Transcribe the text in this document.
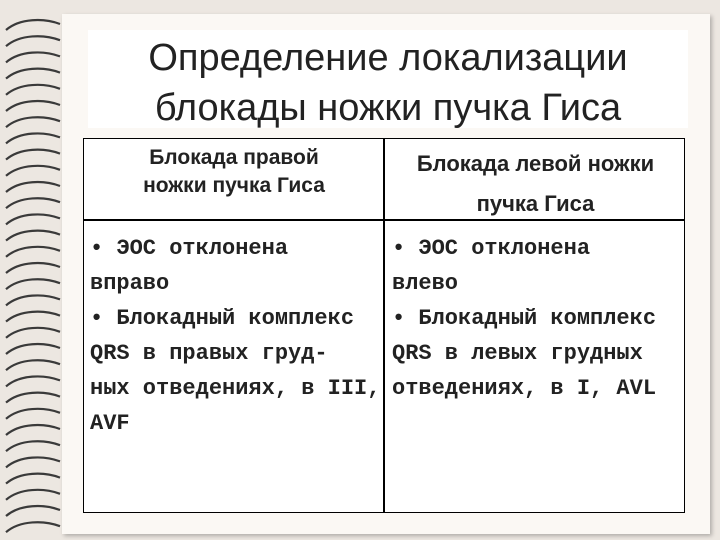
Определение локализации
блокады ножки пучка Гиса
Блокада правой
ножки пучка Гиса
Блокада левой ножки
пучка Гиса
• ЭОС отклонена
вправо
• Блокадный комплекс
QRS в правых груд-
ных отведениях, в III,
AVF
• ЭОС отклонена
влево
• Блокадный комплекс
QRS в левых грудных
отведениях, в I, AVL
